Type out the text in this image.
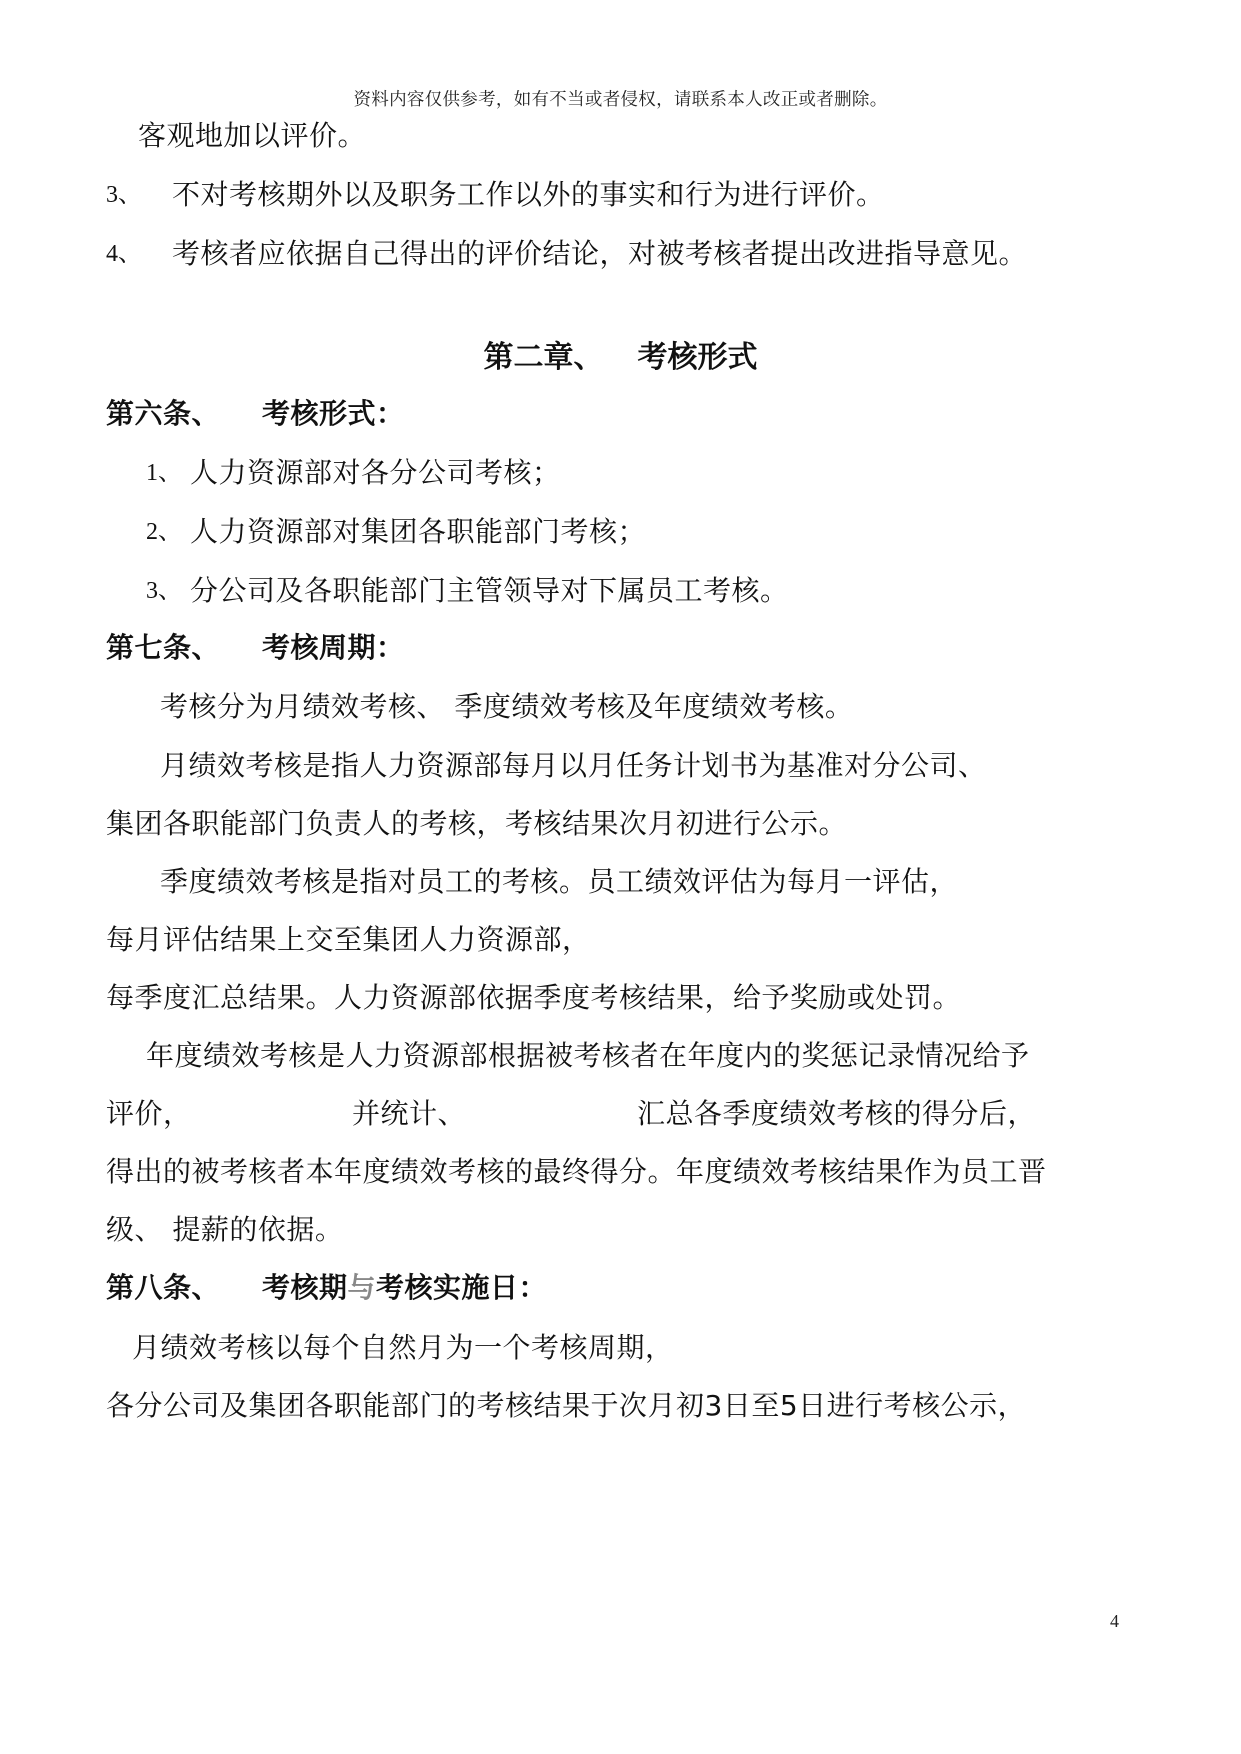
资料内容仅供参考，如有不当或者侵权，请联系本人改正或者删除。
客观地加以评价。
3、 不对考核期外以及职务工作以外的事实和行为进行评价。
4、 考核者应依据自己得出的评价结论，对被考核者提出改进指导意见。
第二章、 考核形式
第六条、 考核形式：
1、 人力资源部对各分公司考核；
2、 人力资源部对集团各职能部门考核；
3、 分公司及各职能部门主管领导对下属员工考核。
第七条、 考核周期：
考核分为月绩效考核、 季度绩效考核及年度绩效考核。
月绩效考核是指人力资源部每月以月任务计划书为基准对分公司、
集团各职能部门负责人的考核，考核结果次月初进行公示。
季度绩效考核是指对员工的考核。员工绩效评估为每月一评估，
每月评估结果上交至集团人力资源部，
每季度汇总结果。人力资源部依据季度考核结果，给予奖励或处罚。
年度绩效考核是人力资源部根据被考核者在年度内的奖惩记录情况给予
评价，	并统计、	汇总各季度绩效考核的得分后，
得出的被考核者本年度绩效考核的最终得分。年度绩效考核结果作为员工晋
级、 提薪的依据。
第八条、 考核期与考核实施日：
月绩效考核以每个自然月为一个考核周期，
各分公司及集团各职能部门的考核结果于次月初3日至5日进行考核公示，
4
